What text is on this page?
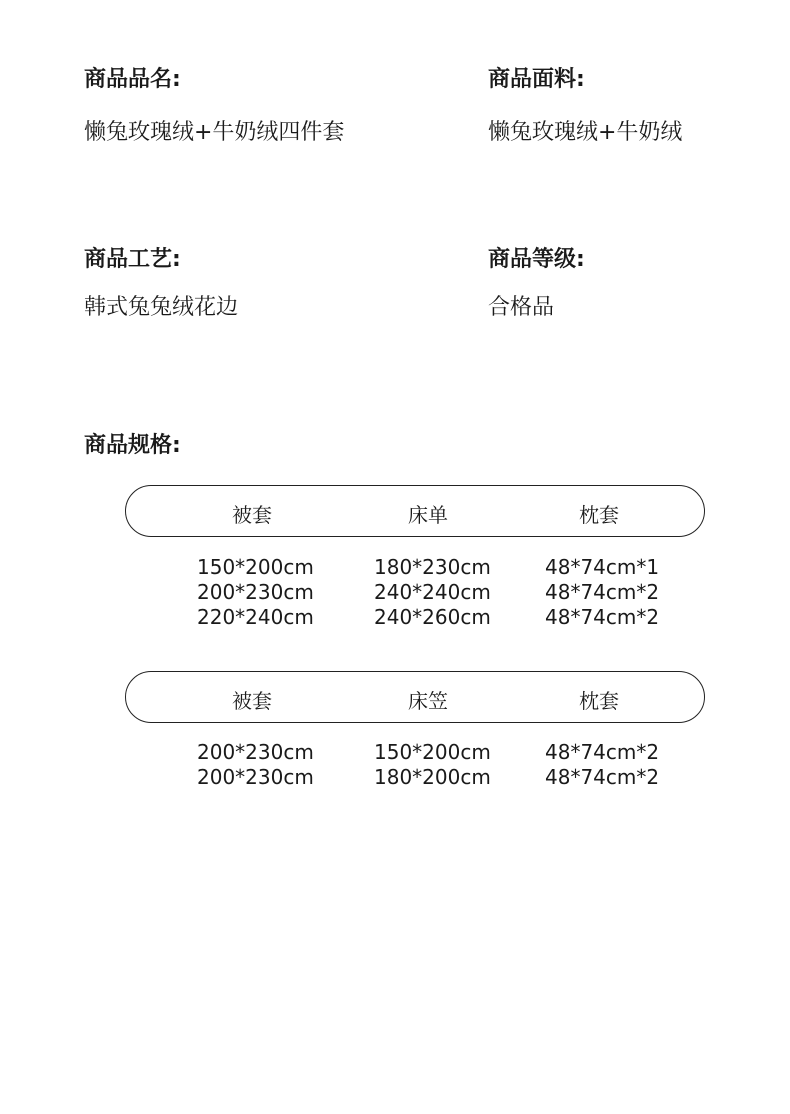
商品品名:
懒兔玫瑰绒+牛奶绒四件套
商品面料:
懒兔玫瑰绒+牛奶绒
商品工艺:
韩式兔兔绒花边
商品等级:
合格品
商品规格:
被套	床单	枕套
150*200cm	180*230cm	48*74cm*1
200*230cm	240*240cm	48*74cm*2
220*240cm	240*260cm	48*74cm*2
被套	床笠	枕套
200*230cm	150*200cm	48*74cm*2
200*230cm	180*200cm	48*74cm*2
